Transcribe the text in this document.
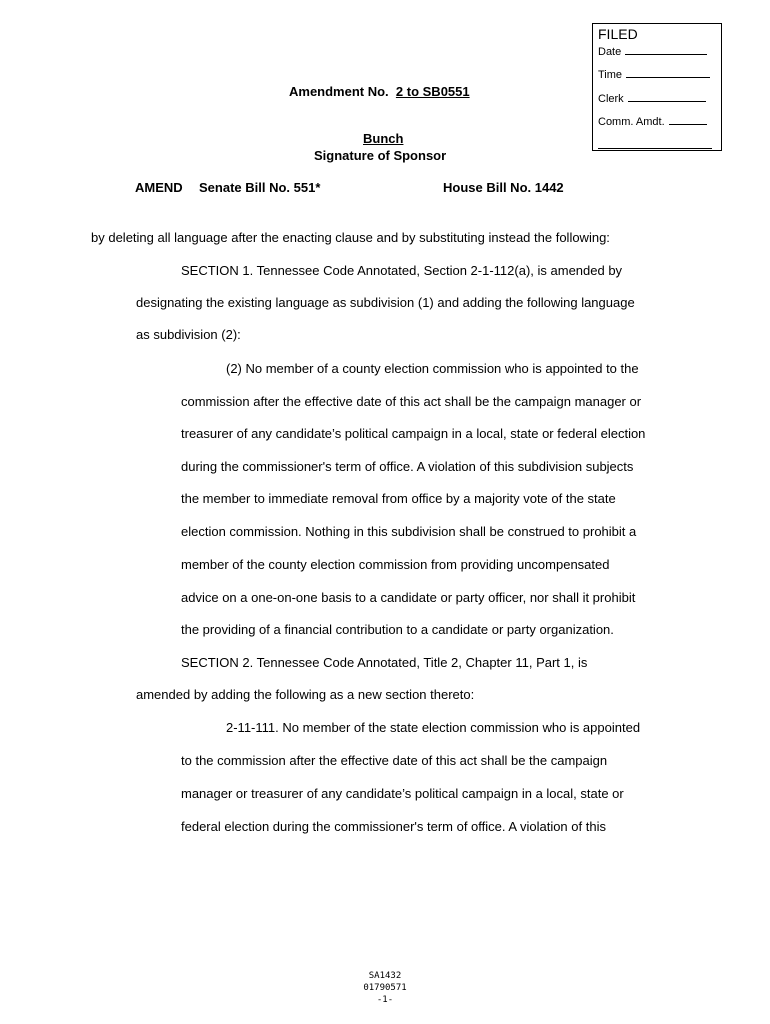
FILED
Date
Time
Clerk
Comm. Amdt.
Amendment No. 2 to SB0551
Bunch
Signature of Sponsor
AMEND Senate Bill No. 551*	House Bill No. 1442
by deleting all language after the enacting clause and by substituting instead the following:
SECTION 1. Tennessee Code Annotated, Section 2-1-112(a), is amended by
designating the existing language as subdivision (1) and adding the following language
as subdivision (2):
(2) No member of a county election commission who is appointed to the
commission after the effective date of this act shall be the campaign manager or
treasurer of any candidate’s political campaign in a local, state or federal election
during the commissioner's term of office. A violation of this subdivision subjects
the member to immediate removal from office by a majority vote of the state
election commission. Nothing in this subdivision shall be construed to prohibit a
member of the county election commission from providing uncompensated
advice on a one-on-one basis to a candidate or party officer, nor shall it prohibit
the providing of a financial contribution to a candidate or party organization.
SECTION 2. Tennessee Code Annotated, Title 2, Chapter 11, Part 1, is
amended by adding the following as a new section thereto:
2-11-111. No member of the state election commission who is appointed
to the commission after the effective date of this act shall be the campaign
manager or treasurer of any candidate’s political campaign in a local, state or
federal election during the commissioner's term of office. A violation of this
SA1432
01790571
-1-
